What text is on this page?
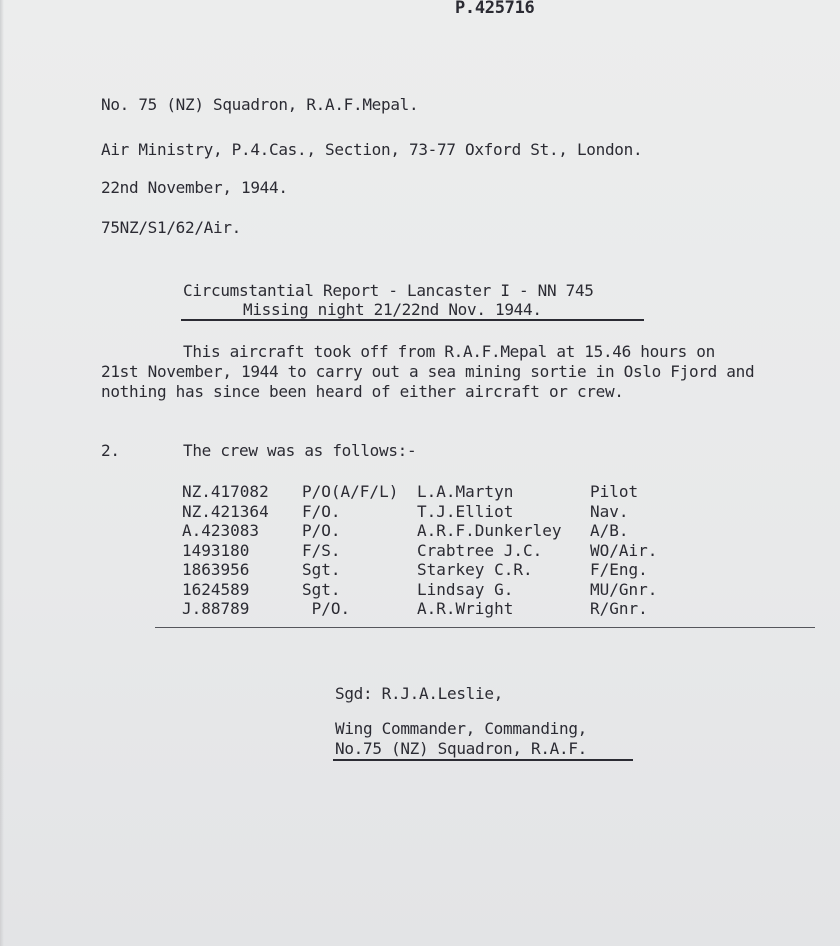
P.425716
No. 75 (NZ) Squadron, R.A.F.Mepal.
Air Ministry, P.4.Cas., Section, 73-77 Oxford St., London.
22nd November, 1944.
75NZ/S1/62/Air.
Circumstantial Report - Lancaster I - NN 745
Missing night 21/22nd Nov. 1944.
This aircraft took off from R.A.F.Mepal at 15.46 hours on 21st November, 1944 to carry out a sea mining sortie in Oslo Fjord and nothing has since been heard of either aircraft or crew.
2.	The crew was as follows:-
NZ.417082 P/O(A/F/L) L.A.Martyn	Pilot
NZ.421364 F/O.	T.J.Elliot	Nav.
A.423083	P/O.	A.R.F.Dunkerley A/B.
1493180	F/S.	Crabtree J.C.	WO/Air.
1863956	Sgt.	Starkey C.R.	F/Eng.
1624589	Sgt.	Lindsay G.	MU/Gnr.
J.88789	P/O.	A.R.Wright	R/Gnr.
Sgd: R.J.A.Leslie,
Wing Commander, Commanding,
No.75 (NZ) Squadron, R.A.F.
